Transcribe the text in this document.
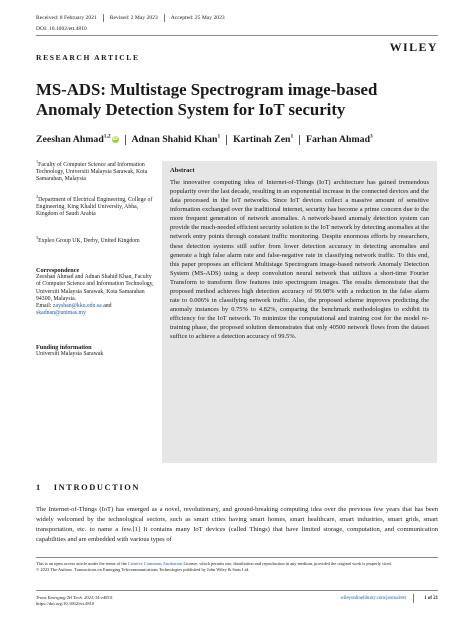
Received: 8 February 2021 Revised: 2 May 2023 Accepted: 25 May 2023
DOI: 10.1002/ett.4810
RESEARCH ARTICLE
WILEY
MS-ADS: Multistage Spectrogram image-based Anomaly Detection System for IoT security
Zeeshan Ahmad$^{1,2}$ iD Adnan Shahid Khan$^1$ Kartinah Zen$^1$ Farhan Ahmad$^3$
$^1$Faculty of Computer Science and Information Technology, Universiti Malaysia Sarawak, Kota Samarahan, Malaysia
$^2$Department of Electrical Engineering, College of Engineering, King Khalid University, Abha, Kingdom of Saudi Arabia
$^3$Expleo Group UK, Derby, United Kingdom
Correspondence
Zeeshan Ahmad and Adnan Shahid Khan, Faculty of Computer Science and Information Technology, Universiti Malaysia Sarawak, Kota Samarahan 94300, Malaysia.
Email: zayshan@kku.edu.sa and
skadnan@unimas.my
Funding information
Universiti Malaysia Sarawak
Abstract

The innovative computing idea of Internet-of-Things (IoT) architecture has gained tremendous popularity over the last decade, resulting in an exponential increase in the connected devices and the data processed in the IoT networks. Since IoT devices collect a massive amount of sensitive information exchanged over the traditional internet, security has become a prime concern due to the more frequent generation of network anomalies. A network-based anomaly detection system can provide the much-needed efficient security solution to the IoT network by detecting anomalies at the network entry points through constant traffic monitoring. Despite enormous efforts by researchers, these detection systems still suffer from lower detection accuracy in detecting anomalies and generate a high false alarm rate and false-negative rate in classifying network traffic. To this end, this paper proposes an efficient Multistage Spectrogram image-based network Anomaly Detection System (MS-ADS) using a deep convolution neural network that utilizes a short-time Fourier Transform to transform flow features into spectrogram images. The results demonstrate that the proposed method achieves high detection accuracy of 99.98% with a reduction in the false alarm rate to 0.006% in classifying network traffic. Also, the proposed scheme improves predicting the anomaly instances by 0.75% to 4.82%, comparing the benchmark methodologies to exhibit its efficiency for the IoT network. To minimize the computational and training cost for the model re-training phase, the proposed solution demonstrates that only 40500 network flows from the dataset suffice to achieve a detection accuracy of 99.5%.

1 INTRODUCTION

The Internet-of-Things (IoT) has emerged as a novel, revolutionary, and ground-breaking computing idea over the previous few years that has been widely welcomed by the technological sectors, such as smart cities having smart homes, smart healthcare, smart industries, smart grids, smart transportation, etc. to name a few.[1] It contains many IoT devices (called Things) that have limited storage, computation, and communication capabilities and are embedded with various types of

This is an open access article under the terms of the Creative Commons Attribution License, which permits use, distribution and reproduction in any medium, provided the original work is properly cited.
© 2023 The Authors. Transactions on Emerging Telecommunications Technologies published by John Wiley & Sons Ltd.
Trans Emerging Tel Tech. 2023;34:e4810.
https://doi.org/10.1002/ett.4810
wileyonlinelibrary.com/journal/ett	1 of 21
